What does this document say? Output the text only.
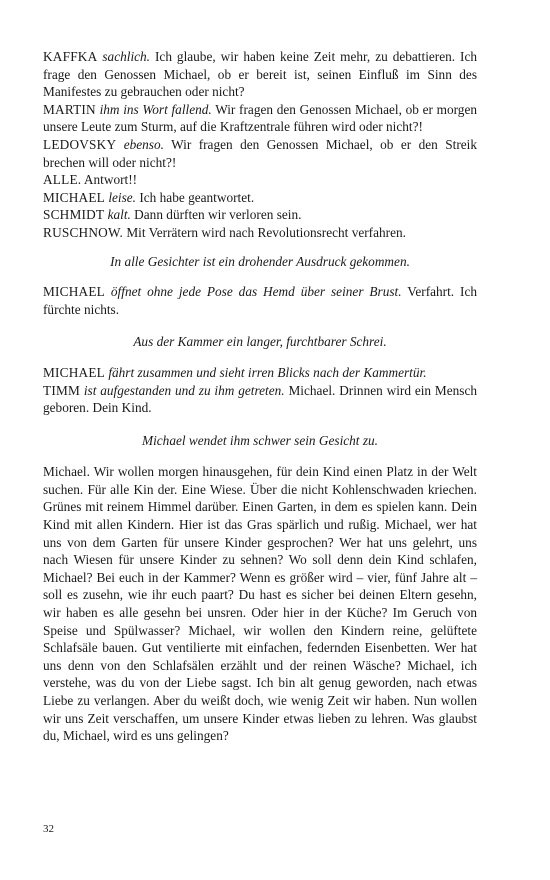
KAFFKA sachlich. Ich glaube, wir haben keine Zeit mehr, zu debattieren. Ich frage den Genossen Michael, ob er bereit ist, seinen Einfluß im Sinn des Manifestes zu gebrauchen oder nicht?

MARTIN ihm ins Wort fallend. Wir fragen den Genossen Michael, ob er morgen unsere Leute zum Sturm, auf die Kraftzentrale führen wird oder nicht?!

LEDOVSKY ebenso. Wir fragen den Genossen Michael, ob er den Streik brechen will oder nicht?!

ALLE. Antwort!!

MICHAEL leise. Ich habe geantwortet.

SCHMIDT kalt. Dann dürften wir verloren sein.

RUSCHNOW. Mit Verrätern wird nach Revolutionsrecht verfahren.

In alle Gesichter ist ein drohender Ausdruck gekommen.

MICHAEL öffnet ohne jede Pose das Hemd über seiner Brust. Verfahrt. Ich fürchte nichts.

Aus der Kammer ein langer, furchtbarer Schrei.

MICHAEL fährt zusammen und sieht irren Blicks nach der Kammertür.

TIMM ist aufgestanden und zu ihm getreten. Michael. Drinnen wird ein Mensch geboren. Dein Kind.

Michael wendet ihm schwer sein Gesicht zu.

Michael. Wir wollen morgen hinausgehen, für dein Kind einen Platz in der Welt suchen. Für alle Kin der. Eine Wiese. Über die nicht Kohlenschwaden kriechen. Grünes mit reinem Himmel darüber. Einen Garten, in dem es spielen kann. Dein Kind mit allen Kindern. Hier ist das Gras spärlich und rußig. Michael, wer hat uns von dem Garten für unsere Kinder gesprochen? Wer hat uns gelehrt, uns nach Wiesen für unsere Kinder zu sehnen? Wo soll denn dein Kind schlafen, Michael? Bei euch in der Kammer? Wenn es größer wird – vier, fünf Jahre alt – soll es zusehn, wie ihr euch paart? Du hast es sicher bei deinen Eltern gesehn, wir haben es alle gesehn bei unsren. Oder hier in der Küche? Im Geruch von Speise und Spülwasser? Michael, wir wollen den Kindern reine, gelüftete Schlafsäle bauen. Gut ventilierte mit einfachen, federnden Eisenbetten. Wer hat uns denn von den Schlafsälen erzählt und der reinen Wäsche? Michael, ich verstehe, was du von der Liebe sagst. Ich bin alt genug geworden, nach etwas Liebe zu verlangen. Aber du weißt doch, wie wenig Zeit wir haben. Nun wollen wir uns Zeit verschaffen, um unsere Kinder etwas lieben zu lehren. Was glaubst du, Michael, wird es uns gelingen?

32
